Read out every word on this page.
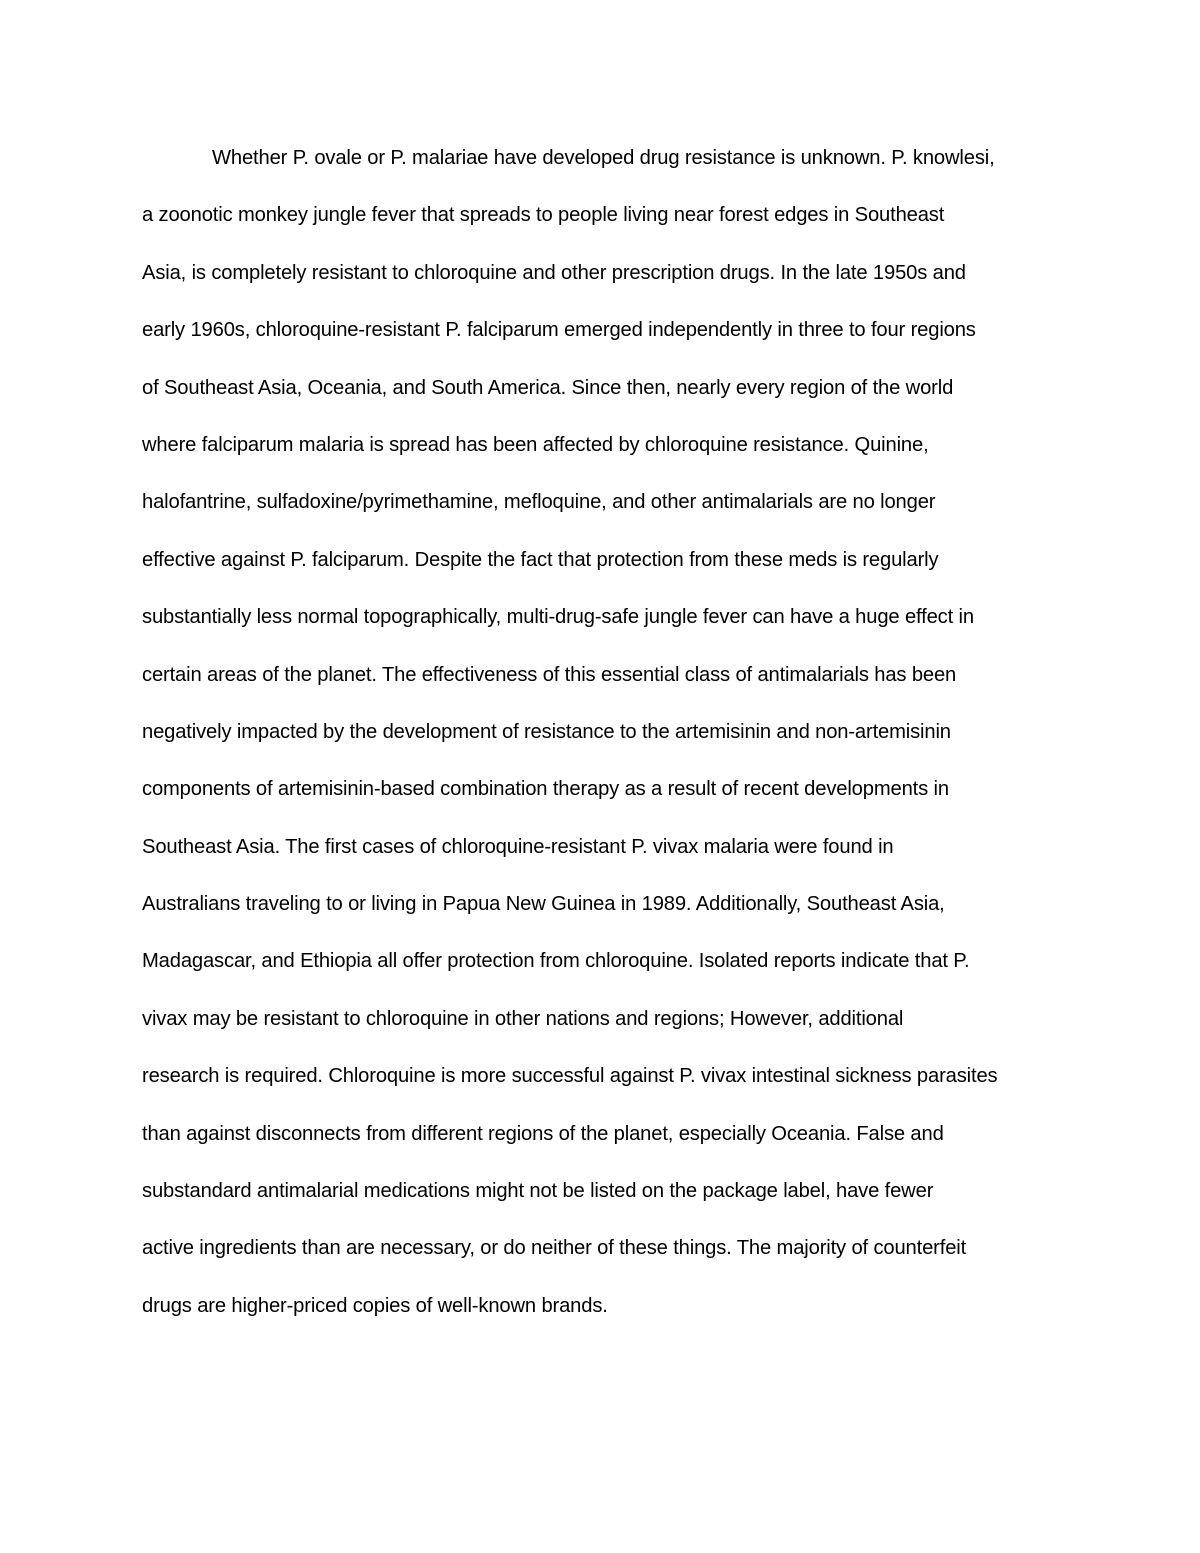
Whether P. ovale or P. malariae have developed drug resistance is unknown. P. knowlesi,
a zoonotic monkey jungle fever that spreads to people living near forest edges in Southeast
Asia, is completely resistant to chloroquine and other prescription drugs. In the late 1950s and
early 1960s, chloroquine-resistant P. falciparum emerged independently in three to four regions
of Southeast Asia, Oceania, and South America. Since then, nearly every region of the world
where falciparum malaria is spread has been affected by chloroquine resistance. Quinine,
halofantrine, sulfadoxine/pyrimethamine, mefloquine, and other antimalarials are no longer
effective against P. falciparum. Despite the fact that protection from these meds is regularly
substantially less normal topographically, multi-drug-safe jungle fever can have a huge effect in
certain areas of the planet. The effectiveness of this essential class of antimalarials has been
negatively impacted by the development of resistance to the artemisinin and non-artemisinin
components of artemisinin-based combination therapy as a result of recent developments in
Southeast Asia. The first cases of chloroquine-resistant P. vivax malaria were found in
Australians traveling to or living in Papua New Guinea in 1989. Additionally, Southeast Asia,
Madagascar, and Ethiopia all offer protection from chloroquine. Isolated reports indicate that P.
vivax may be resistant to chloroquine in other nations and regions; However, additional
research is required. Chloroquine is more successful against P. vivax intestinal sickness parasites
than against disconnects from different regions of the planet, especially Oceania. False and
substandard antimalarial medications might not be listed on the package label, have fewer
active ingredients than are necessary, or do neither of these things. The majority of counterfeit
drugs are higher-priced copies of well-known brands.
